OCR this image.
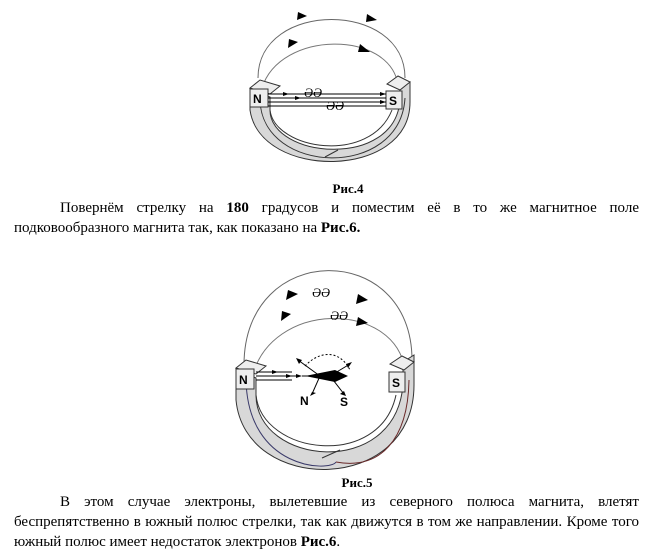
N	S
ƏƏ
ƏƏ
Рис.4
Повернём стрелку на 180 градусов и поместим её в то же магнитное поле подковообразного магнита так, как показано на Рис.6.
ƏƏ
ƏƏ
N	S
N	S
Рис.5
В этом случае электроны, вылетевшие из северного полюса магнита, влетят беспрепятственно в южный полюс стрелки, так как движутся в том же направлении. Кроме того южный полюс имеет недостаток электронов Рис.6.
